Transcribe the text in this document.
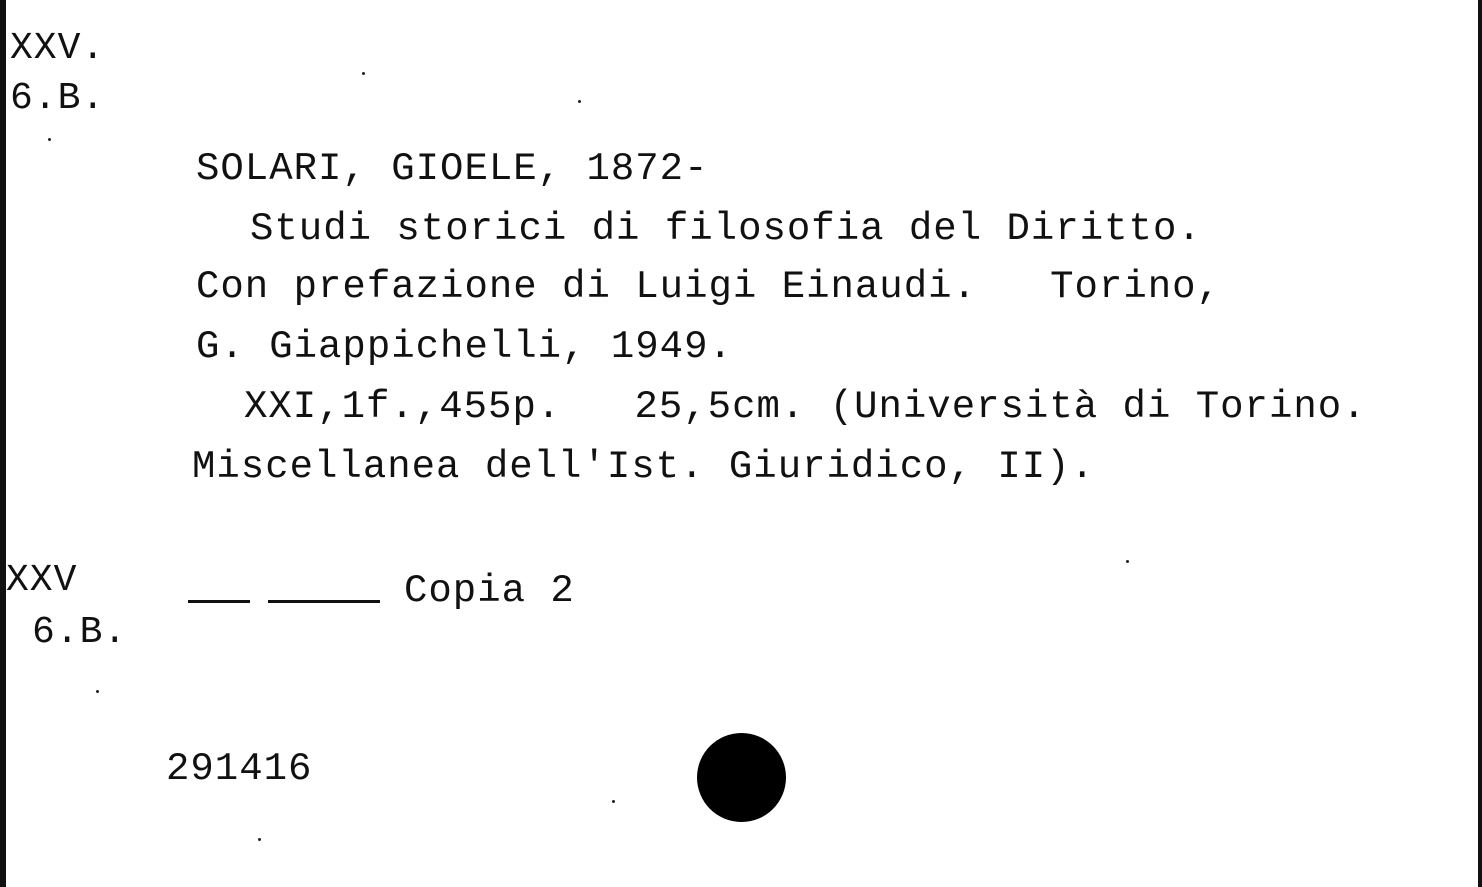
XXV.
6.B.
SOLARI, GIOELE, 1872-
Studi storici di filosofia del Diritto.
Con prefazione di Luigi Einaudi.   Torino,
G. Giappichelli, 1949.
XXI,1f.,455p.   25,5cm. (Università di Torino.
Miscellanea dell'Ist. Giuridico, II).
XXV
6.B.
Copia 2
291416
